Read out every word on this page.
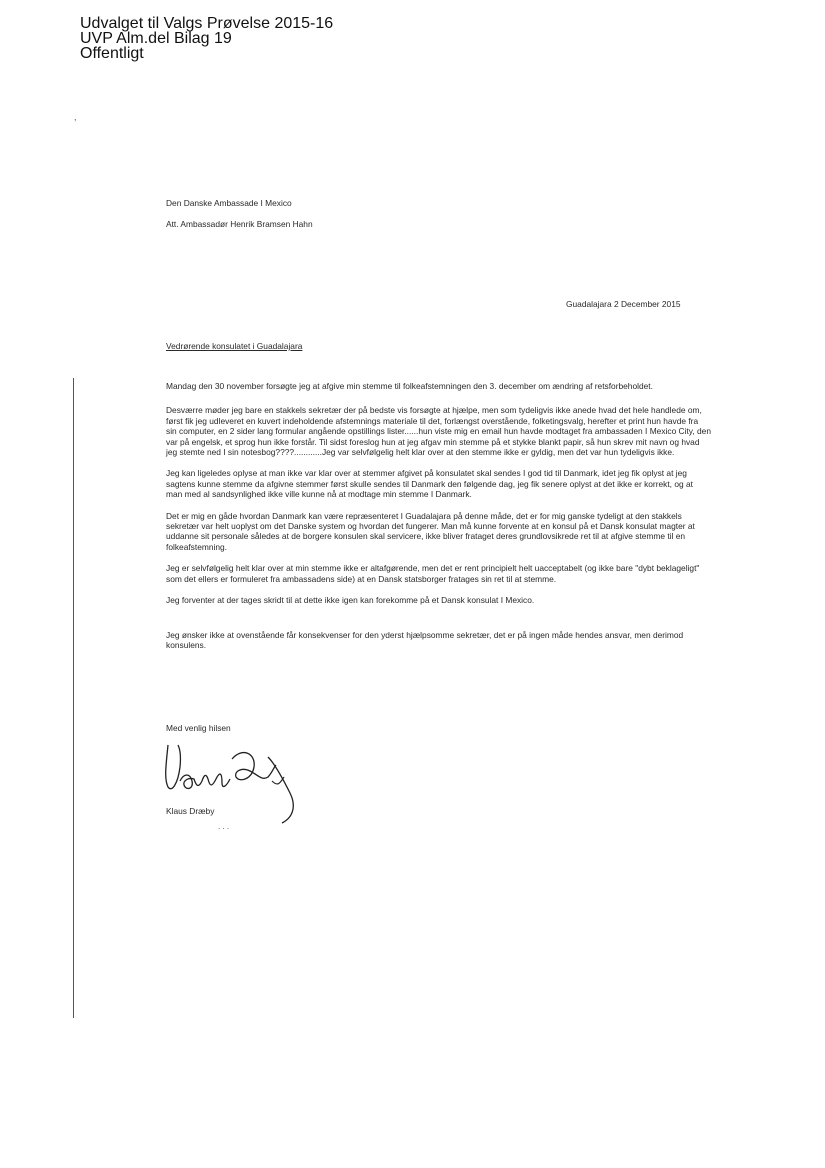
Udvalget til Valgs Prøvelse 2015-16
UVP Alm.del Bilag 19
Offentligt
,
Den Danske Ambassade I Mexico
Att. Ambassadør Henrik Bramsen Hahn
Guadalajara 2 December 2015
Vedrørende konsulatet i Guadalajara

Mandag den 30 november forsøgte jeg at afgive min stemme til folkeafstemningen den 3. december om ændring af retsforbeholdet.

Desværre møder jeg bare en stakkels sekretær der på bedste vis forsøgte at hjælpe, men som tydeligvis ikke anede hvad det hele handlede om, først fik jeg udleveret en kuvert indeholdende afstemnings materiale til det, forlængst overstående, folketingsvalg, herefter et print hun havde fra sin computer, en 2 sider lang formular angående opstillings lister......hun viste mig en email hun havde modtaget fra ambassaden I Mexico City, den var på engelsk, et sprog hun ikke forstår. Til sidst foreslog hun at jeg afgav min stemme på et stykke blankt papir, så hun skrev mit navn og hvad jeg stemte ned I sin notesbog????............Jeg var selvfølgelig helt klar over at den stemme ikke er gyldig, men det var hun tydeligvis ikke.

Jeg kan ligeledes oplyse at man ikke var klar over at stemmer afgivet på konsulatet skal sendes I god tid til Danmark, idet jeg fik oplyst at jeg sagtens kunne stemme da afgivne stemmer først skulle sendes til Danmark den følgende dag, jeg fik senere oplyst at det ikke er korrekt, og at man med al sandsynlighed ikke ville kunne nå at modtage min stemme I Danmark.

Det er mig en gåde hvordan Danmark kan være repræsenteret I Guadalajara på denne måde, det er for mig ganske tydeligt at den stakkels sekretær var helt uoplyst om det Danske system og hvordan det fungerer. Man må kunne forvente at en konsul på et Dansk konsulat magter at uddanne sit personale således at de borgere konsulen skal servicere, ikke bliver frataget deres grundlovsikrede ret til at afgive stemme til en folkeafstemning.

Jeg er selvfølgelig helt klar over at min stemme ikke er altafgørende, men det er rent principielt helt uacceptabelt (og ikke bare "dybt beklageligt" som det ellers er formuleret fra ambassadens side) at en Dansk statsborger fratages sin ret til at stemme.

Jeg forventer at der tages skridt til at dette ikke igen kan forekomme på et Dansk konsulat I Mexico.

Jeg ønsker ikke at ovenstående får konsekvenser for den yderst hjælpsomme sekretær, det er på ingen måde hendes ansvar, men derimod konsulens.

Med venlig hilsen
Klaus Dræby
. . .
